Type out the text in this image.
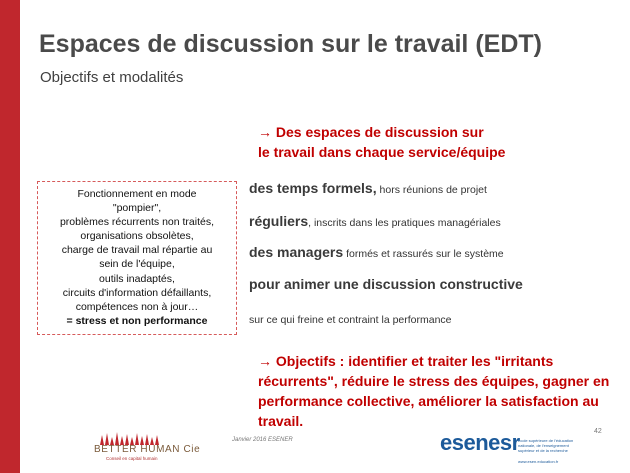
Espaces de discussion sur le travail (EDT)
Objectifs et modalités
→ Des espaces de discussion sur
le travail dans chaque service/équipe
Fonctionnement en mode
"pompier",
problèmes récurrents non traités,
organisations obsolètes,
charge de travail mal répartie au
sein de l'équipe,
outils inadaptés,
circuits d'information défaillants,
compétences non à jour…
= stress et non performance
des temps formels, hors réunions de projet
réguliers, inscrits dans les pratiques managériales
des managers formés et rassurés sur le système
pour animer une discussion constructive
sur ce qui freine et contraint la performance
→ Objectifs : identifier et traiter les "irritants récurrents", réduire le stress des équipes, gagner en performance collective, améliorer la satisfaction au travail.
BETTER HUMAN Cie
Conseil en capital humain
Janvier 2016 ESENER	esenesr
école supérieure de l'éducation nationale, de l'enseignement supérieur et de la recherche
www.esen.education.fr
42
